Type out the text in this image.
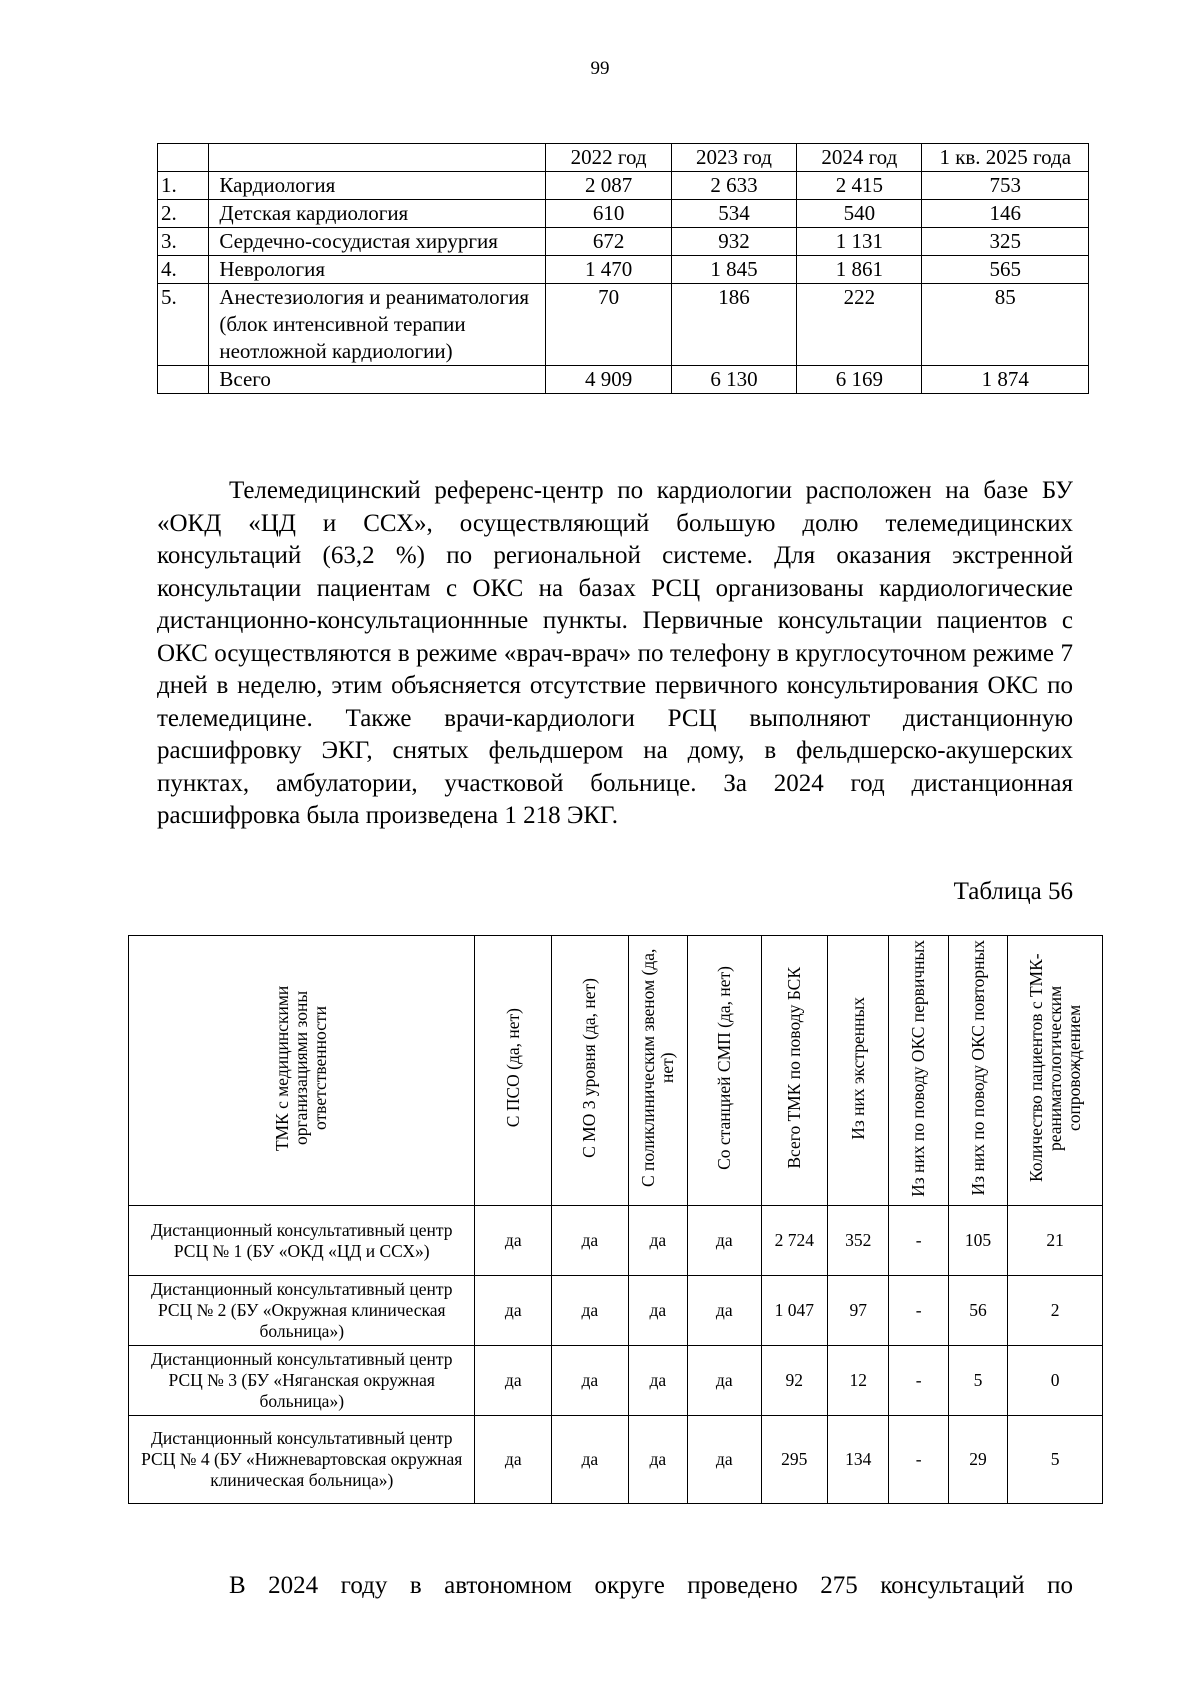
99
		2022 год	2023 год	2024 год	1 кв. 2025 года
1.	Кардиология	2 087	2 633	2 415	753
2.	Детская кардиология	610	534	540	146
3.	Сердечно-сосудистая хирургия	672	932	1 131	325
4.	Неврология	1 470	1 845	1 861	565
5.	Анестезиология и реаниматология (блок интенсивной терапии неотложной кардиологии)	70	186	222	85
	Всего	4 909	6 130	6 169	1 874

Телемедицинский референс-центр по кардиологии расположен на базе БУ «ОКД «ЦД и ССХ», осуществляющий большую долю телемедицинских консультаций (63,2 %) по региональной системе. Для оказания экстренной консультации пациентам с ОКС на базах РСЦ организованы кардиологические дистанционно-консультационнные пункты. Первичные консультации пациентов с ОКС осуществляются в режиме «врач-врач» по телефону в круглосуточном режиме 7 дней в неделю, этим объясняется отсутствие первичного консультирования ОКС по телемедицине. Также врачи-кардиологи РСЦ выполняют дистанционную расшифровку ЭКГ, снятых фельдшером на дому, в фельдшерско-акушерских пунктах, амбулатории, участковой больнице. За 2024 год дистанционная расшифровка была произведена 1 218 ЭКГ.

Таблица 56
ТМК с медицинскими организациями зоны ответственности	С ПСО (да, нет)	С МО 3 уровня (да, нет)	С поликлиническим звеном (да, нет)	Со станцией СМП (да, нет)	Всего ТМК по поводу БСК	Из них экстренных	Из них по поводу ОКС первичных	Из них по поводу ОКС повторных	Количество пациентов с ТМК-реаниматологическим сопровождением
Дистанционный консультативный центр РСЦ № 1 (БУ «ОКД «ЦД и ССХ»)	да	да	да	да	2 724	352	-	105	21
Дистанционный консультативный центр РСЦ № 2 (БУ «Окружная клиническая больница»)	да	да	да	да	1 047	97	-	56	2
Дистанционный консультативный центр РСЦ № 3 (БУ «Няганская окружная больница»)	да	да	да	да	92	12	-	5	0
Дистанционный консультативный центр РСЦ № 4 (БУ «Нижневартовская окружная клиническая больница»)	да	да	да	да	295	134	-	29	5

В 2024 году в автономном округе проведено 275 консультаций по
